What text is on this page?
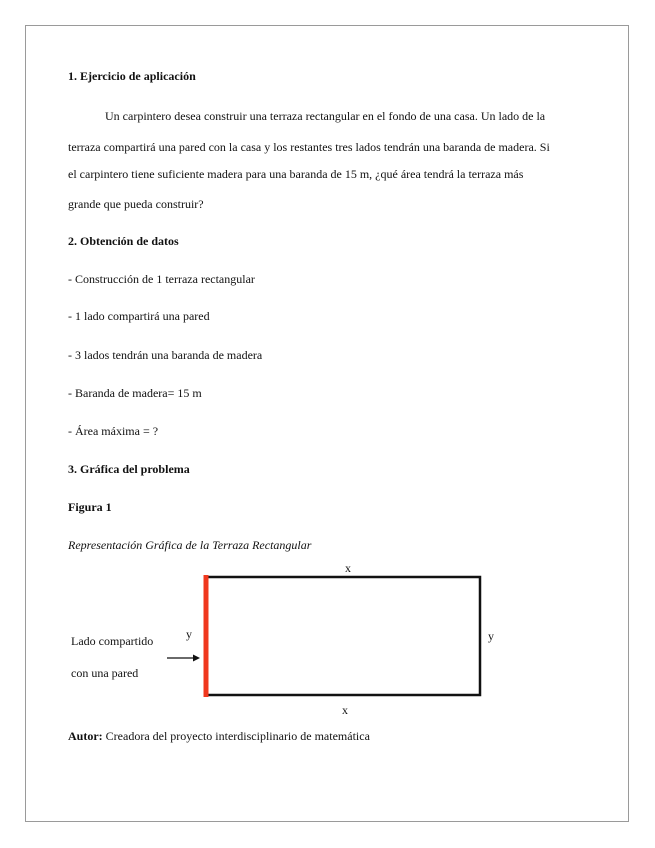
1. Ejercicio de aplicación
Un carpintero desea construir una terraza rectangular en el fondo de una casa. Un lado de la
terraza compartirá una pared con la casa y los restantes tres lados tendrán una baranda de madera. Si
el carpintero tiene suficiente madera para una baranda de 15 m, ¿qué área tendrá la terraza más
grande que pueda construir?
2. Obtención de datos
- Construcción de 1 terraza rectangular
- 1 lado compartirá una pared
- 3 lados tendrán una baranda de madera
- Baranda de madera= 15 m
- Área máxima = ?
3. Gráfica del problema
Figura 1
Representación Gráfica de la Terraza Rectangular
x
x
y	y
Lado compartido
con una pared
Autor: Creadora del proyecto interdisciplinario de matemática
